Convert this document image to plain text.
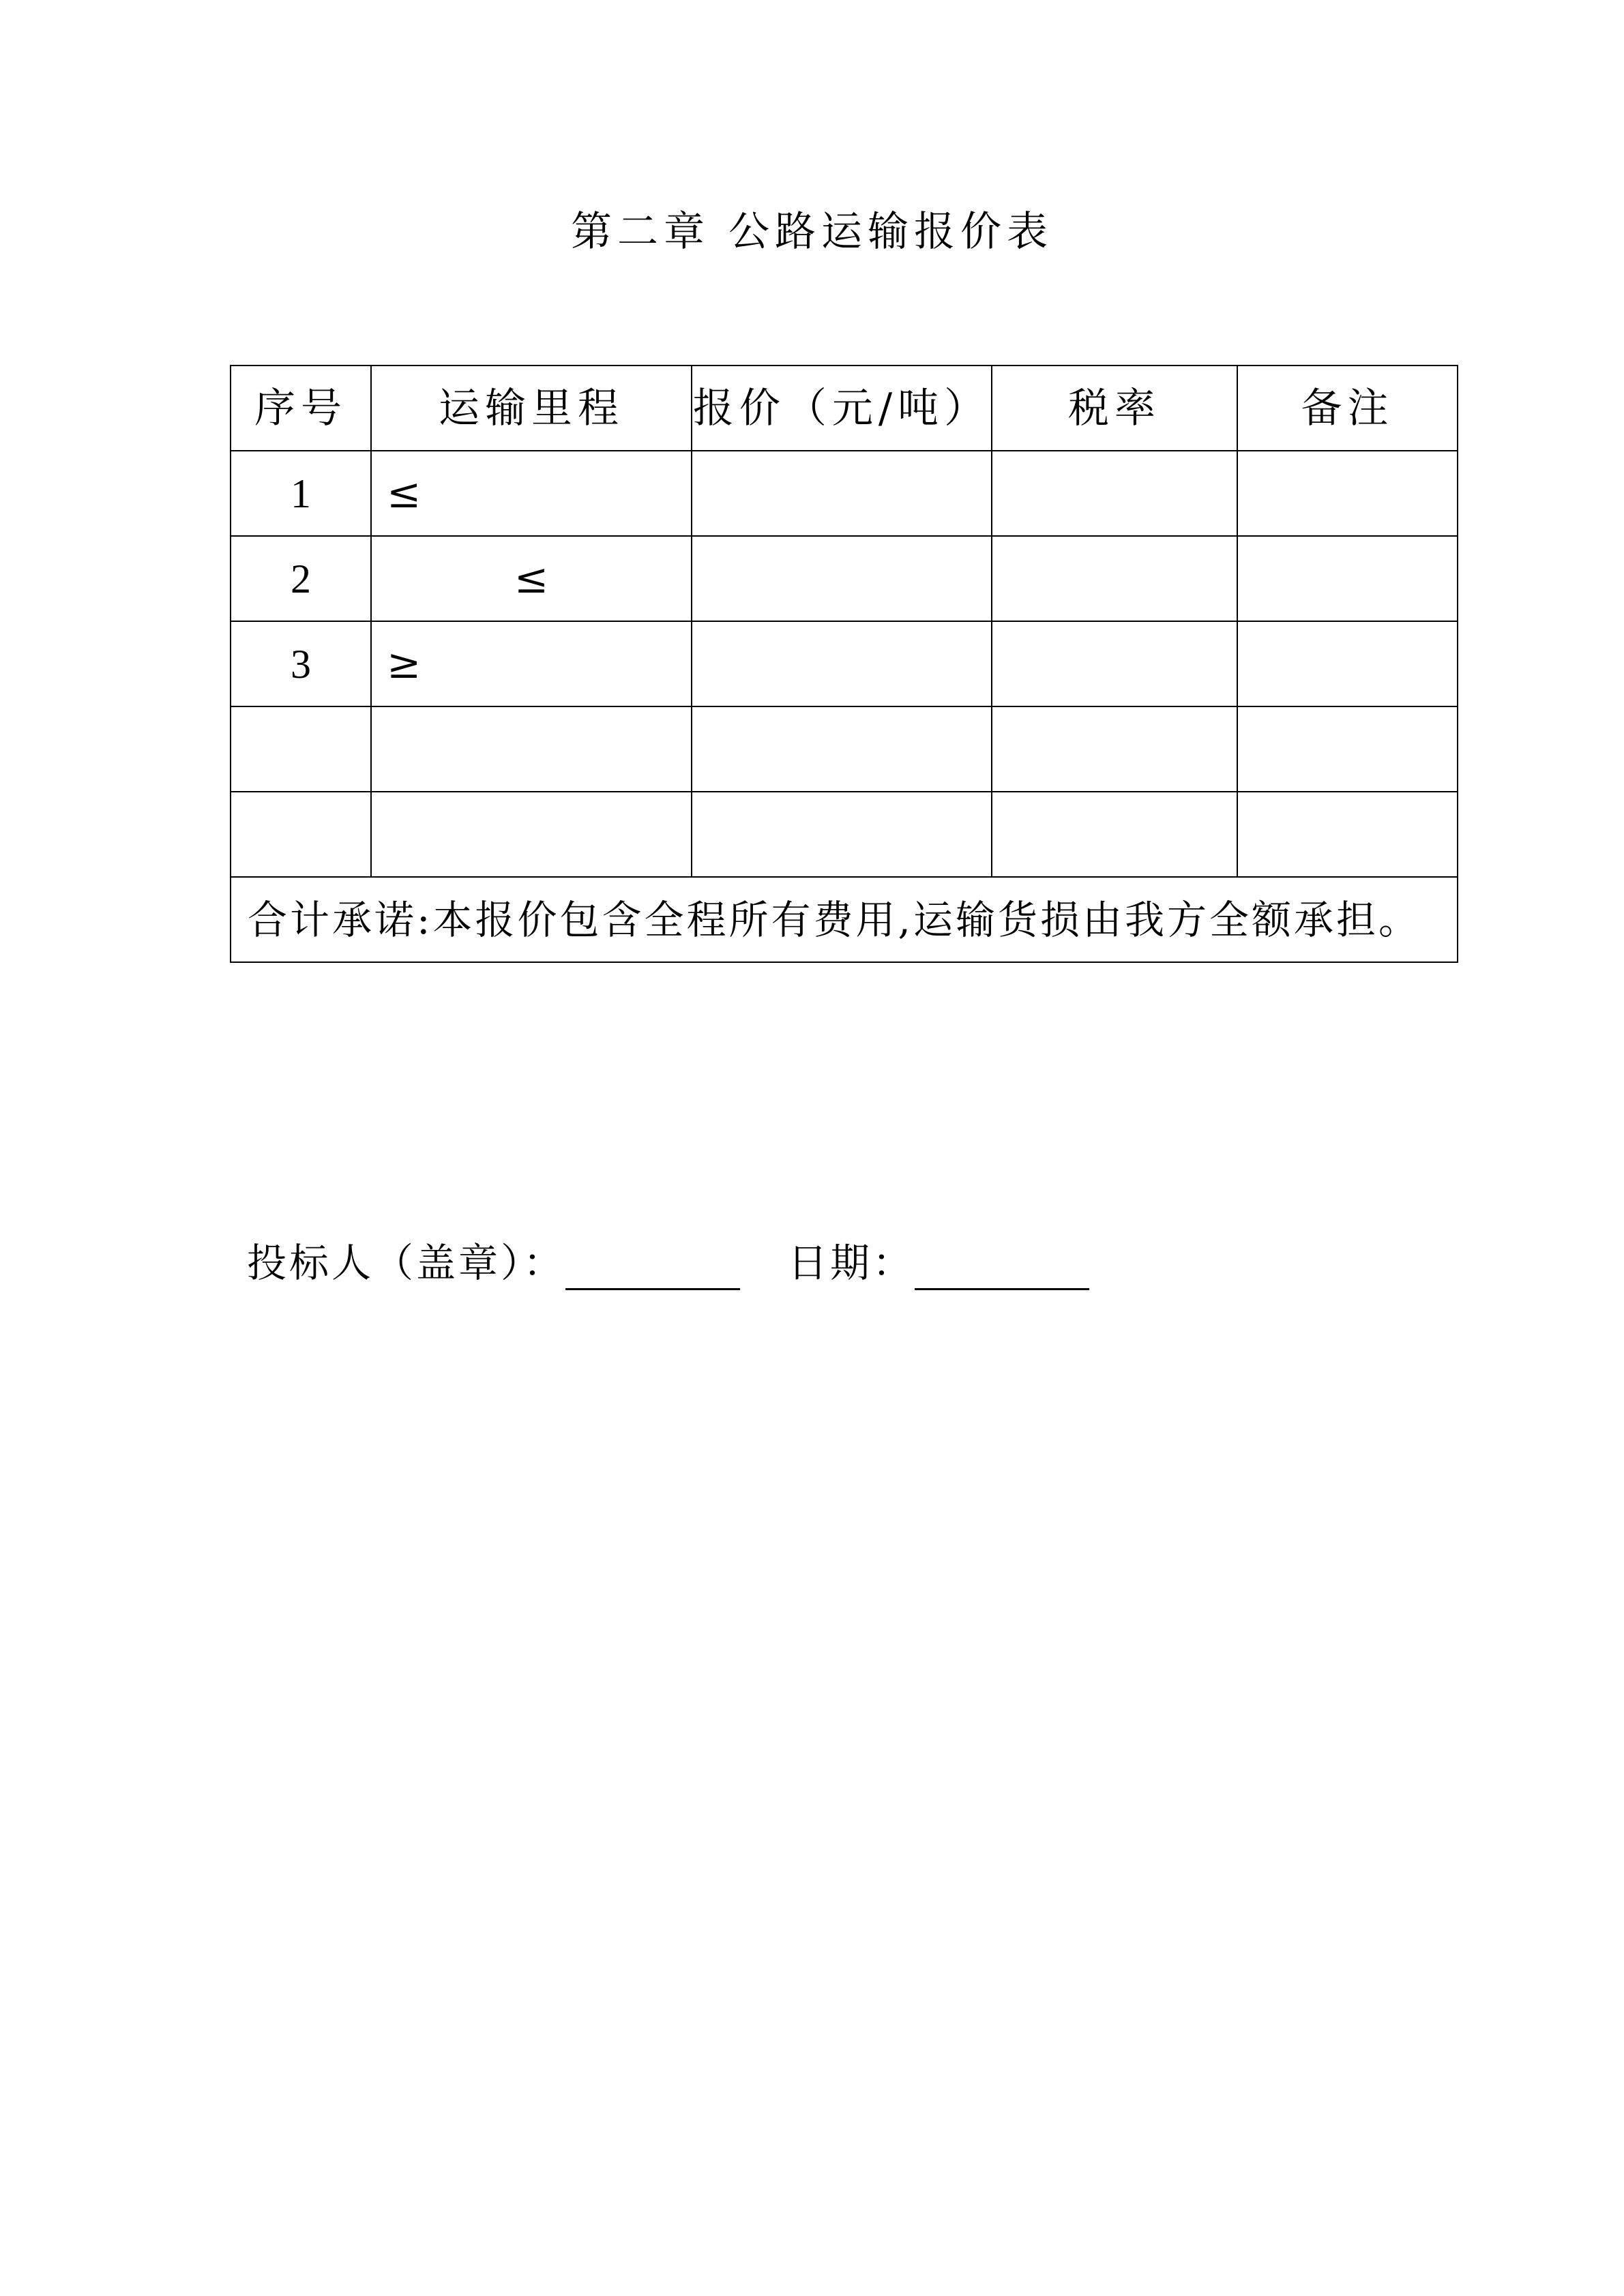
第二章 公路运输报价表
序号	运输里程	报价（元/吨）	税率	备注
1	≤			
2	≤			
3	≥			

合计承诺:本报价包含全程所有费用,运输货损由我方全额承担。				
投标人（盖章）：	日期：
